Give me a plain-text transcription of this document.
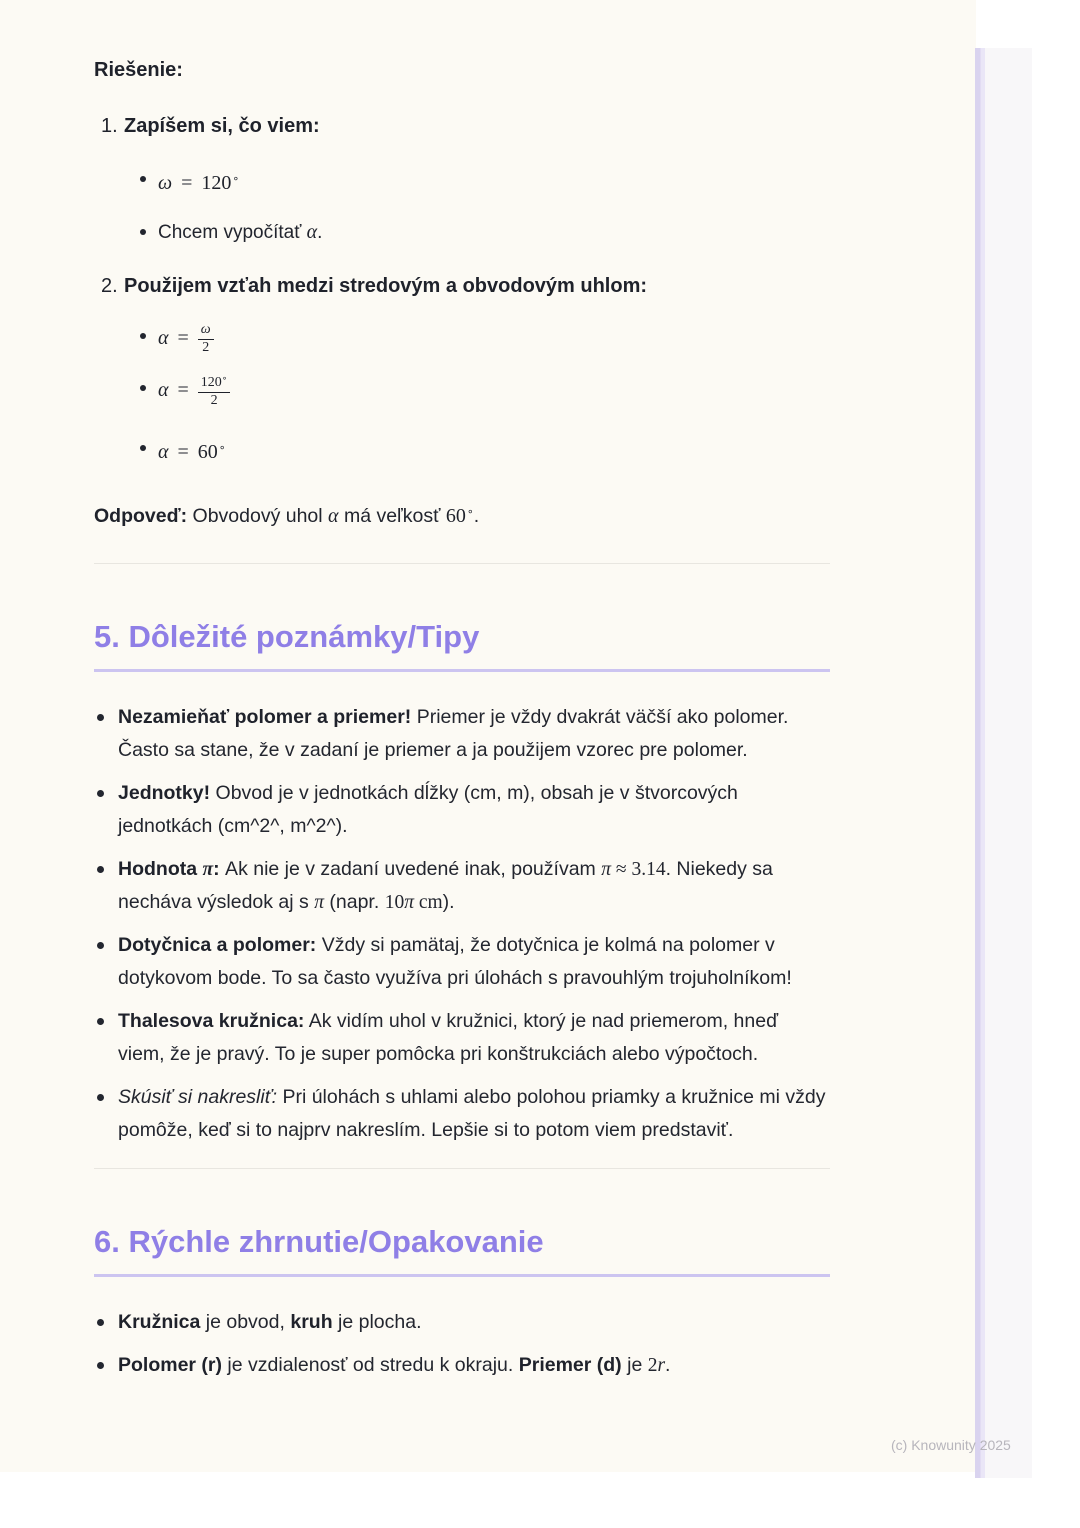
Riešenie:

1. Zapíšem si, čo viem:
ω = 120∘
Chcem vypočítať α.
2. Použijem vzťah medzi stredovým a obvodovým uhlom:
$\alpha = \frac{\omega}{2}$
$\alpha = \frac{120^\circ}{2}$
α = 60∘

Odpoveď: Obvodový uhol α má veľkosť 60∘.

5. Dôležité poznámky/Tipy
Nezamieňať polomer a priemer! Priemer je vždy dvakrát väčší ako polomer. Často sa stane, že v zadaní je priemer a ja použijem vzorec pre polomer.
Jednotky! Obvod je v jednotkách dĺžky (cm, m), obsah je v štvorcových jednotkách (cm^2^, m^2^).
Hodnota π: Ak nie je v zadaní uvedené inak, používam π ≈ 3.14. Niekedy sa necháva výsledok aj s π (napr. 10π cm).
Dotyčnica a polomer: Vždy si pamätaj, že dotyčnica je kolmá na polomer v dotykovom bode. To sa často využíva pri úlohách s pravouhlým trojuholníkom!
Thalesova kružnica: Ak vidím uhol v kružnici, ktorý je nad priemerom, hneď viem, že je pravý. To je super pomôcka pri konštrukciách alebo výpočtoch.
Skúsiť si nakresliť: Pri úlohách s uhlami alebo polohou priamky a kružnice mi vždy pomôže, keď si to najprv nakreslím. Lepšie si to potom viem predstaviť.
6. Rýchle zhrnutie/Opakovanie
Kružnica je obvod, kruh je plocha.
Polomer (r) je vzdialenosť od stredu k okraju. Priemer (d) je 2r.
(c) Knowunity 2025
